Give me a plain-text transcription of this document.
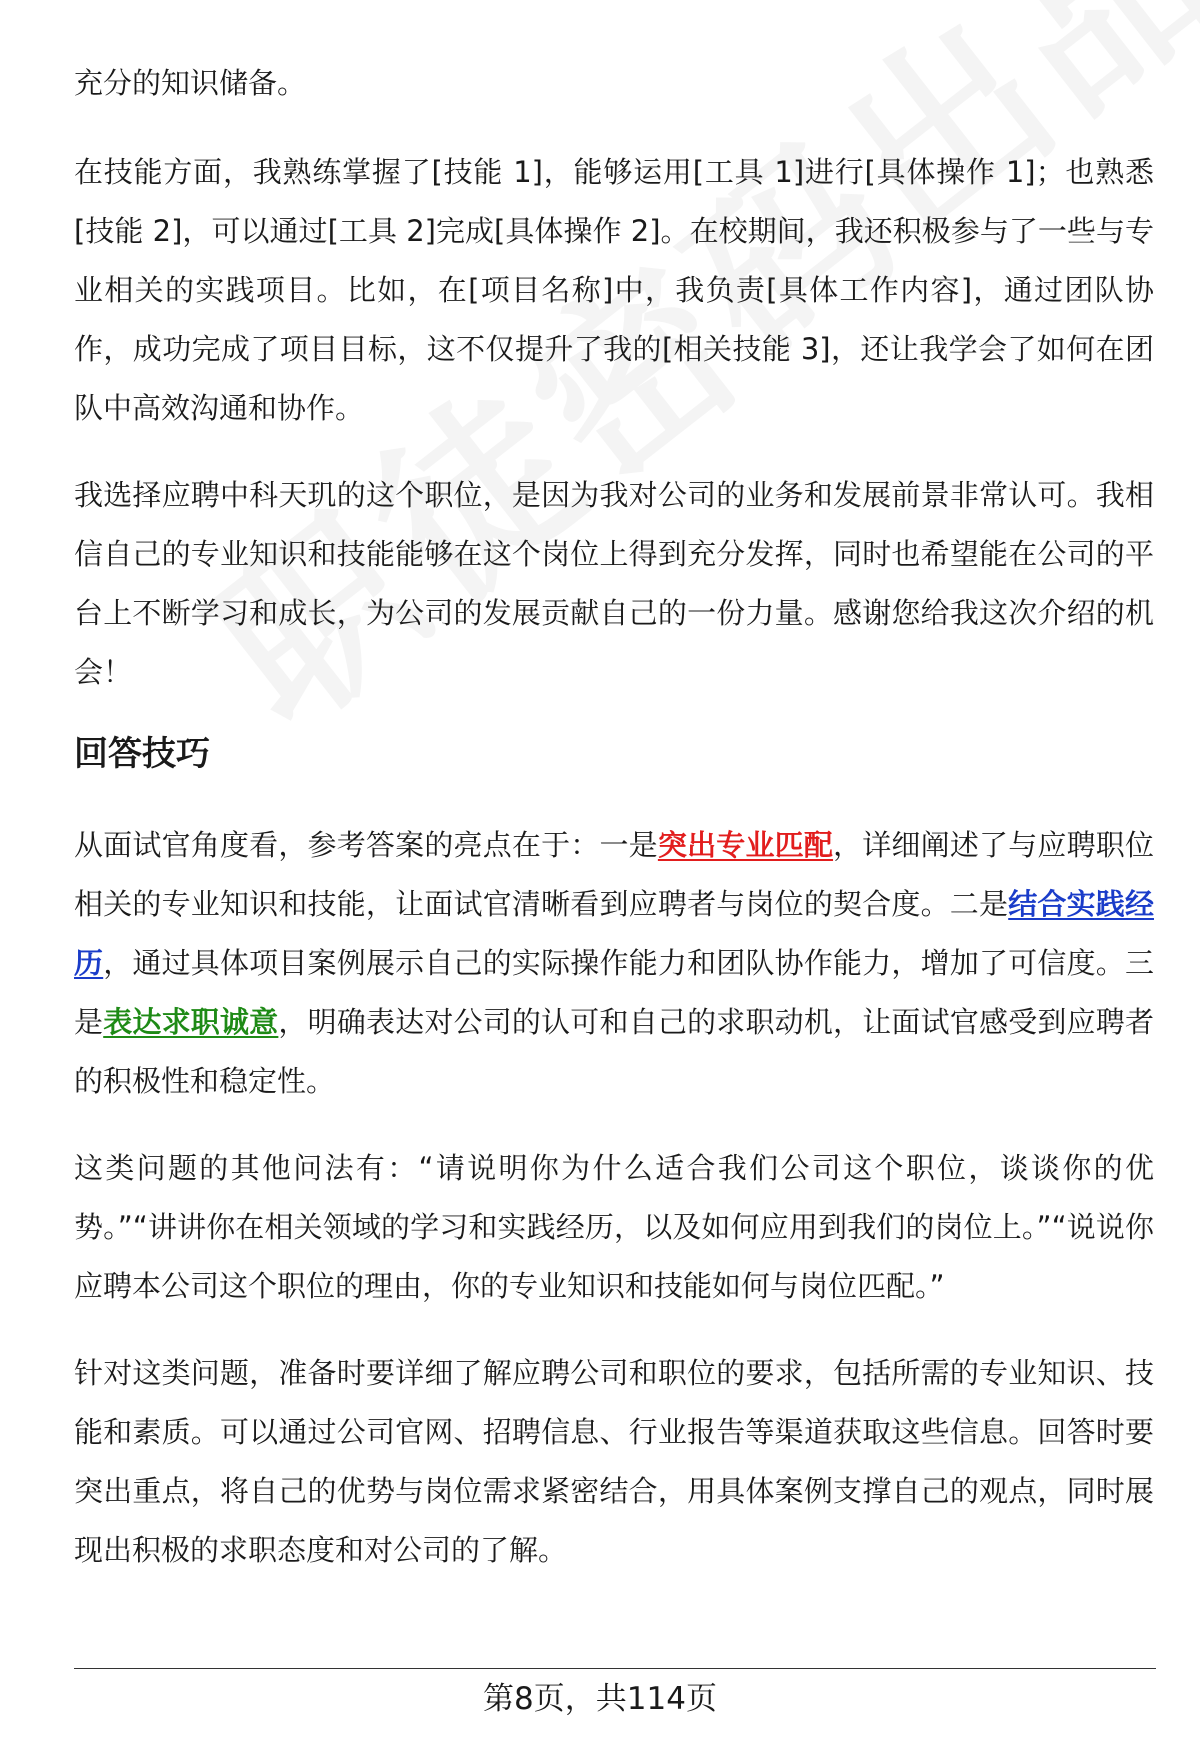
充分的知识储备。

在技能方面，我熟练掌握了[技能 1]，能够运用[工具 1]进行[具体操作 1]；也熟悉[技能 2]，可以通过[工具 2]完成[具体操作 2]。在校期间，我还积极参与了一些与专业相关的实践项目。比如，在[项目名称]中，我负责[具体工作内容]，通过团队协作，成功完成了项目目标，这不仅提升了我的[相关技能 3]，还让我学会了如何在团队中高效沟通和协作。

我选择应聘中科天玑的这个职位，是因为我对公司的业务和发展前景非常认可。我相信自己的专业知识和技能能够在这个岗位上得到充分发挥，同时也希望能在公司的平台上不断学习和成长，为公司的发展贡献自己的一份力量。感谢您给我这次介绍的机会！

回答技巧

从面试官角度看，参考答案的亮点在于：一是突出专业匹配，详细阐述了与应聘职位相关的专业知识和技能，让面试官清晰看到应聘者与岗位的契合度。二是结合实践经历，通过具体项目案例展示自己的实际操作能力和团队协作能力，增加了可信度。三是表达求职诚意，明确表达对公司的认可和自己的求职动机，让面试官感受到应聘者的积极性和稳定性。

这类问题的其他问法有：“请说明你为什么适合我们公司这个职位，谈谈你的优势。”“讲讲你在相关领域的学习和实践经历，以及如何应用到我们的岗位上。”“说说你应聘本公司这个职位的理由，你的专业知识和技能如何与岗位匹配。”

针对这类问题，准备时要详细了解应聘公司和职位的要求，包括所需的专业知识、技能和素质。可以通过公司官网、招聘信息、行业报告等渠道获取这些信息。回答时要突出重点，将自己的优势与岗位需求紧密结合，用具体案例支撑自己的观点，同时展现出积极的求职态度和对公司的了解。

第8页，共114页
